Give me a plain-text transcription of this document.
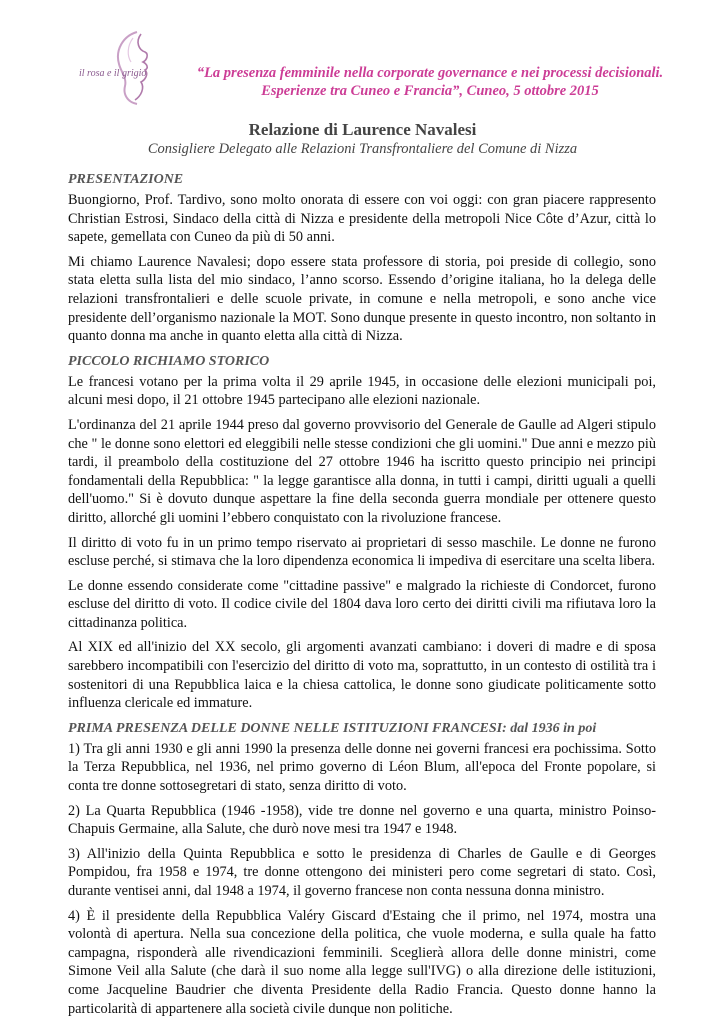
il rosa e il grigio	“La presenza femminile nella corporate governance e nei processi decisionali.
Esperienze tra Cuneo e Francia”, Cuneo, 5 ottobre 2015
Relazione di Laurence Navalesi
Consigliere Delegato alle Relazioni Transfrontaliere del Comune di Nizza
PRESENTAZIONE

Buongiorno, Prof. Tardivo, sono molto onorata di essere con voi oggi: con gran piacere rappresento Christian Estrosi, Sindaco della città di Nizza e presidente della metropoli Nice Côte d’Azur, città lo sapete, gemellata con Cuneo da più di 50 anni.

Mi chiamo Laurence Navalesi; dopo essere stata professore di storia, poi preside di collegio, sono stata eletta sulla lista del mio sindaco, l’anno scorso. Essendo d’origine italiana, ho la delega delle relazioni transfrontalieri e delle scuole private, in comune e nella metropoli, e sono anche vice presidente dell’organismo nazionale la MOT. Sono dunque presente in questo incontro, non soltanto in quanto donna ma anche in quanto eletta alla città di Nizza.

PICCOLO RICHIAMO STORICO

Le francesi votano per la prima volta il 29 aprile 1945, in occasione delle elezioni municipali poi, alcuni mesi dopo, il 21 ottobre 1945 partecipano alle elezioni nazionale.

L'ordinanza del 21 aprile 1944 preso dal governo provvisorio del Generale de Gaulle ad Algeri stipulo che " le donne sono elettori ed eleggibili nelle stesse condizioni che gli uomini." Due anni e mezzo più tardi, il preambolo della costituzione del 27 ottobre 1946 ha iscritto questo principio nei principi fondamentali della Repubblica: " la legge garantisce alla donna, in tutti i campi, diritti uguali a quelli dell'uomo." Si è dovuto dunque aspettare la fine della seconda guerra mondiale per ottenere questo diritto, allorché gli uomini l’ebbero conquistato con la rivoluzione francese.

Il diritto di voto fu in un primo tempo riservato ai proprietari di sesso maschile. Le donne ne furono escluse perché, si stimava che la loro dipendenza economica li impediva di esercitare una scelta libera.

Le donne essendo considerate come "cittadine passive" e malgrado la richieste di Condorcet, furono escluse del diritto di voto. Il codice civile del 1804 dava loro certo dei diritti civili ma rifiutava loro la cittadinanza politica.

Al XIX ed all'inizio del XX secolo, gli argomenti avanzati cambiano: i doveri di madre e di sposa sarebbero incompatibili con l'esercizio del diritto di voto ma, soprattutto, in un contesto di ostilità tra i sostenitori di una Repubblica laica e la chiesa cattolica, le donne sono giudicate politicamente sotto influenza clericale ed immature.

PRIMA PRESENZA DELLE DONNE NELLE ISTITUZIONI FRANCESI: dal 1936 in poi

1) Tra gli anni 1930 e gli anni 1990 la presenza delle donne nei governi francesi era pochissima. Sotto la Terza Repubblica, nel 1936, nel primo governo di Léon Blum, all'epoca del Fronte popolare, si conta tre donne sottosegretari di stato, senza diritto di voto.

2) La Quarta Repubblica (1946 -1958), vide tre donne nel governo e una quarta, ministro Poinso-Chapuis Germaine, alla Salute, che durò nove mesi tra 1947 e 1948.

3) All'inizio della Quinta Repubblica e sotto le presidenza di Charles de Gaulle e di Georges Pompidou, fra 1958 e 1974, tre donne ottengono dei ministeri pero come segretari di stato. Così, durante ventisei anni, dal 1948 a 1974, il governo francese non conta nessuna donna ministro.

4) È il presidente della Repubblica Valéry Giscard d'Estaing che il primo, nel 1974, mostra una volontà di apertura. Nella sua concezione della politica, che vuole moderna, e sulla quale ha fatto campagna, risponderà alle rivendicazioni femminili. Sceglierà allora delle donne ministri, come Simone Veil alla Salute (che darà il suo nome alla legge sull'IVG) o alla direzione delle istituzioni, come Jacqueline Baudrier che diventa Presidente della Radio Francia. Questo donne hanno la particolarità di appartenere alla società civile dunque non politiche.
